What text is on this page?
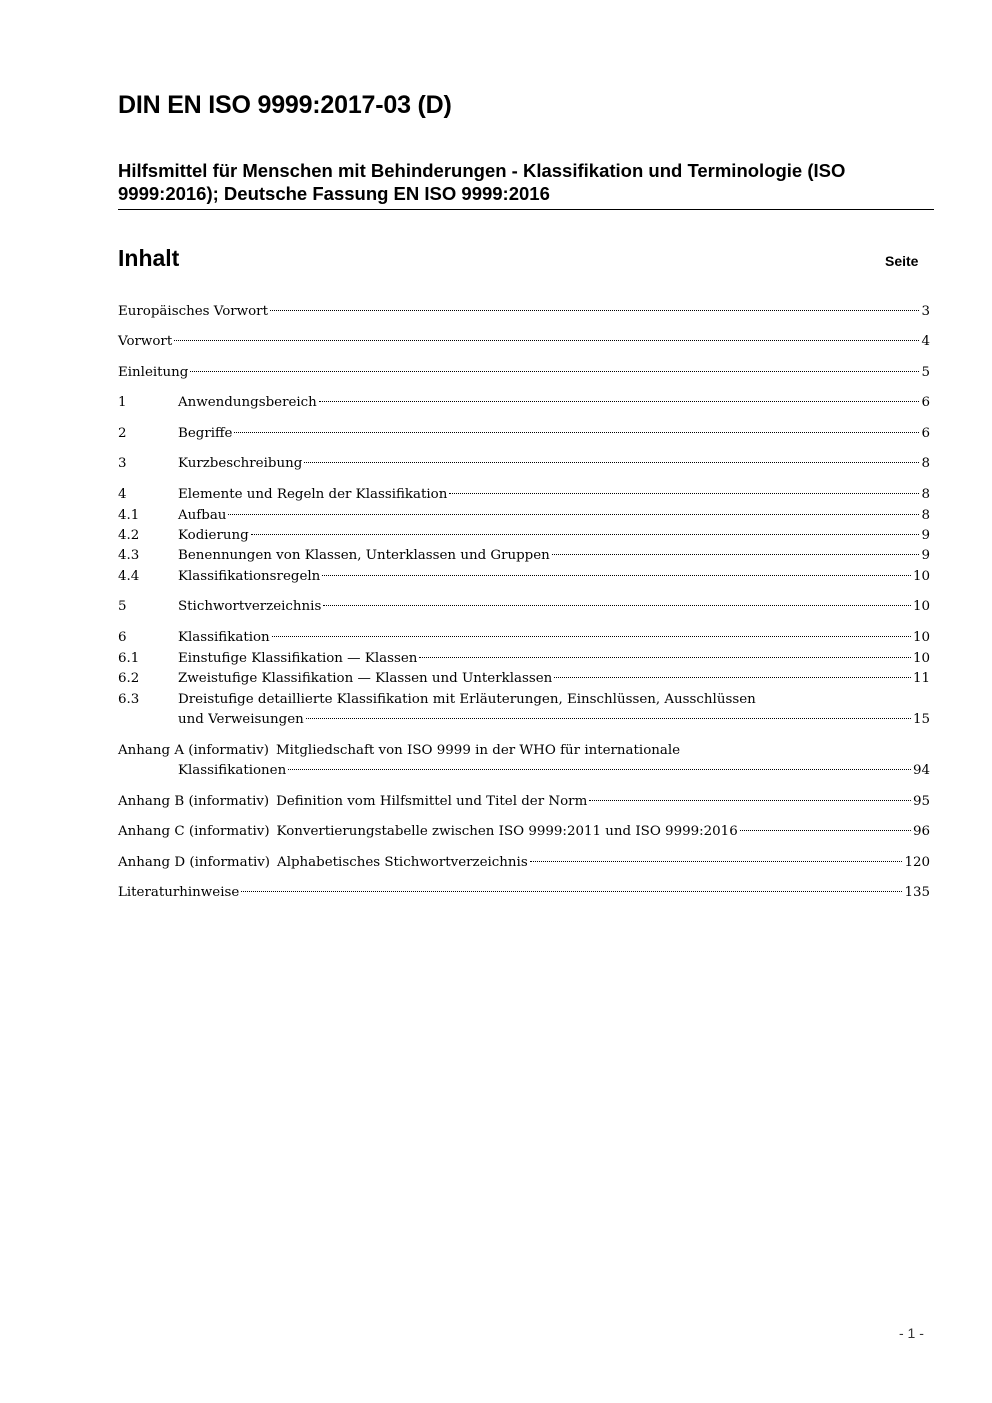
DIN EN ISO 9999:2017-03 (D)
Hilfsmittel für Menschen mit Behinderungen - Klassifikation und Terminologie (ISO 9999:2016); Deutsche Fassung EN ISO 9999:2016
Inhalt	Seite
Europäisches Vorwort	3
Vorwort	4
Einleitung	5
1	Anwendungsbereich	6
2	Begriffe	6
3	Kurzbeschreibung	8
4	Elemente und Regeln der Klassifikation	8
4.1	Aufbau	8
4.2	Kodierung	9
4.3	Benennungen von Klassen, Unterklassen und Gruppen	9
4.4	Klassifikationsregeln	10
5	Stichwortverzeichnis	10
6	Klassifikation	10
6.1	Einstufige Klassifikation — Klassen	10
6.2	Zweistufige Klassifikation — Klassen und Unterklassen	11
6.3	Dreistufige detaillierte Klassifikation mit Erläuterungen, Einschlüssen, Ausschlüssen
und Verweisungen	15
Anhang A (informativ) Mitgliedschaft von ISO 9999 in der WHO für internationale
Klassifikationen	94
Anhang B (informativ) Definition vom Hilfsmittel und Titel der Norm	95
Anhang C (informativ) Konvertierungstabelle zwischen ISO 9999:2011 und ISO 9999:2016	96
Anhang D (informativ) Alphabetisches Stichwortverzeichnis	120
Literaturhinweise	135
- 1 -
